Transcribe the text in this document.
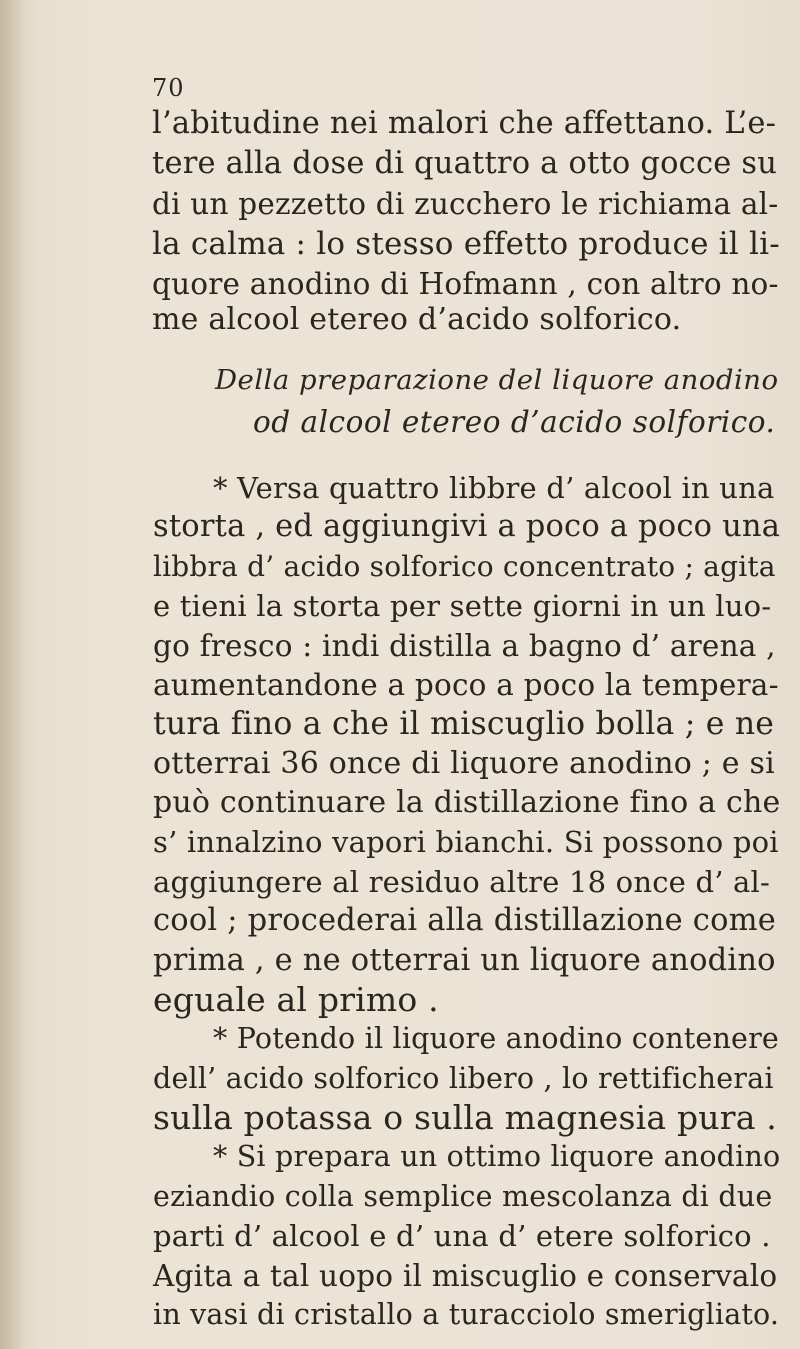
70
l’abitudine nei malori che affettano. L’e-
tere alla dose di quattro a otto gocce su
di un pezzetto di zucchero le richiama al-
la calma : lo stesso effetto produce il li-
quore anodino di Hofmann , con altro no-
me alcool etereo d’acido solforico.
Della preparazione del liquore anodino
od alcool etereo d’acido solforico.
* Versa quattro libbre d’ alcool in una
storta , ed aggiungivi a poco a poco una
libbra d’ acido solforico concentrato ; agita
e tieni la storta per sette giorni in un luo-
go fresco : indi distilla a bagno d’ arena ,
aumentandone a poco a poco la tempera-
tura fino a che il miscuglio bolla ; e ne
otterrai 36 once di liquore anodino ; e si
può continuare la distillazione fino a che
s’ innalzino vapori bianchi. Si possono poi
aggiungere al residuo altre 18 once d’ al-
cool ; procederai alla distillazione come
prima , e ne otterrai un liquore anodino
eguale al primo .
* Potendo il liquore anodino contenere
dell’ acido solforico libero , lo rettificherai
sulla potassa o sulla magnesia pura .
* Si prepara un ottimo liquore anodino
eziandio colla semplice mescolanza di due
parti d’ alcool e d’ una d’ etere solforico .
Agita a tal uopo il miscuglio e conservalo
in vasi di cristallo a turacciolo smerigliato.
